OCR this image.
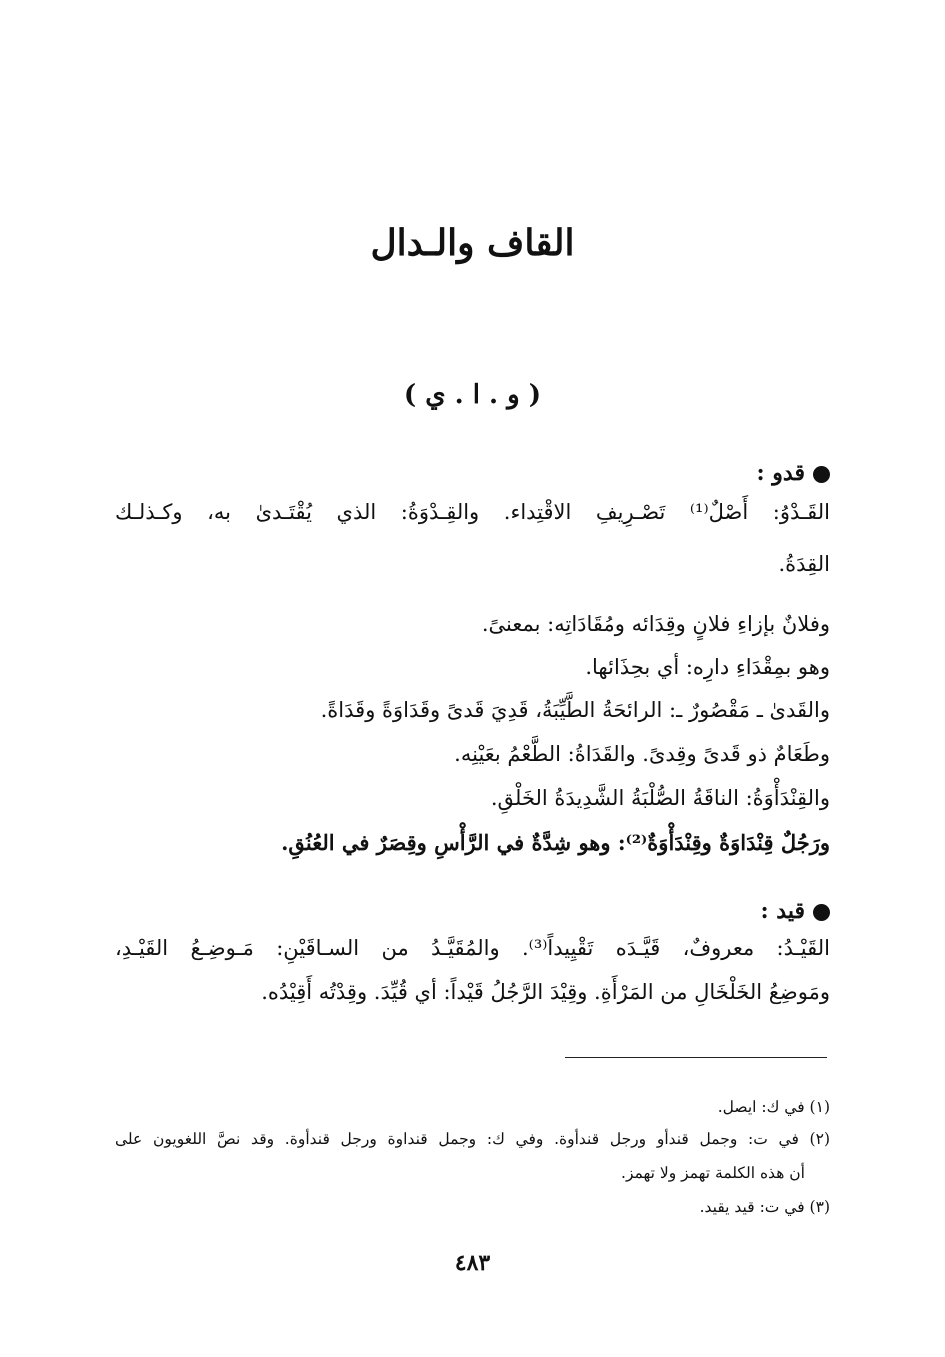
القاف والـدال
( و . ا . ي )
قدو :
القَـدْوُ: أَصْلٌ⁽¹⁾ تَصْـرِيفِ الاقْتِداء. والقِـدْوَةُ: الذي يُقْتَـدىٰ به، وكـذلـك
القِدَةُ.
وفلانٌ بإزاءِ فلانٍ وقِدَائه ومُقَادَاتِه: بمعنىً.
وهو بمِقْدَاءِ دارِه: أي بحِذَائها.
والقَدىٰ ـ مَقْصُورٌ ـ: الرائحَةُ الطَّيِّبَةُ، قَدِيَ قَدىً وقَدَاوَةً وقَدَاةً.
وطَعَامٌ ذو قَدىً وقِدىً. والقَدَاةُ: الطَّعْمُ بعَيْنِه.
والقِنْدَأْوَةُ: الناقَةُ الصُّلْبَةُ الشَّدِيدَةُ الخَلْقِ.
ورَجُلٌ قِنْدَاوَةٌ وقِنْدَأْوَةٌ⁽²⁾: وهو شِدَّةٌ في الرَّأْسِ وقِصَرٌ في العُنُقِ.
قيد :
القَيْـدُ: معروفٌ، قَيَّـدَه تَقْيِيداً⁽³⁾. والمُقَيَّـدُ من السـاقَيْنِ: مَـوضِـعُ القَيْـدِ،
ومَوضِعُ الخَلْخَالِ من المَرْأَةِ. وقِيْدَ الرَّجُلُ قَيْداً: أي قُيِّدَ. وقِدْتُه أَقِيْدُه.
(١) في ك: ايصل.
(٢) في ت: وجمل قندأو ورجل قندأوة. وفي ك: وجمل قنداوة ورجل قندأوة. وقد نصَّ اللغويون على
أن هذه الكلمة تهمز ولا تهمز.
(٣) في ت: قيد يقيد.
٤٨٣
